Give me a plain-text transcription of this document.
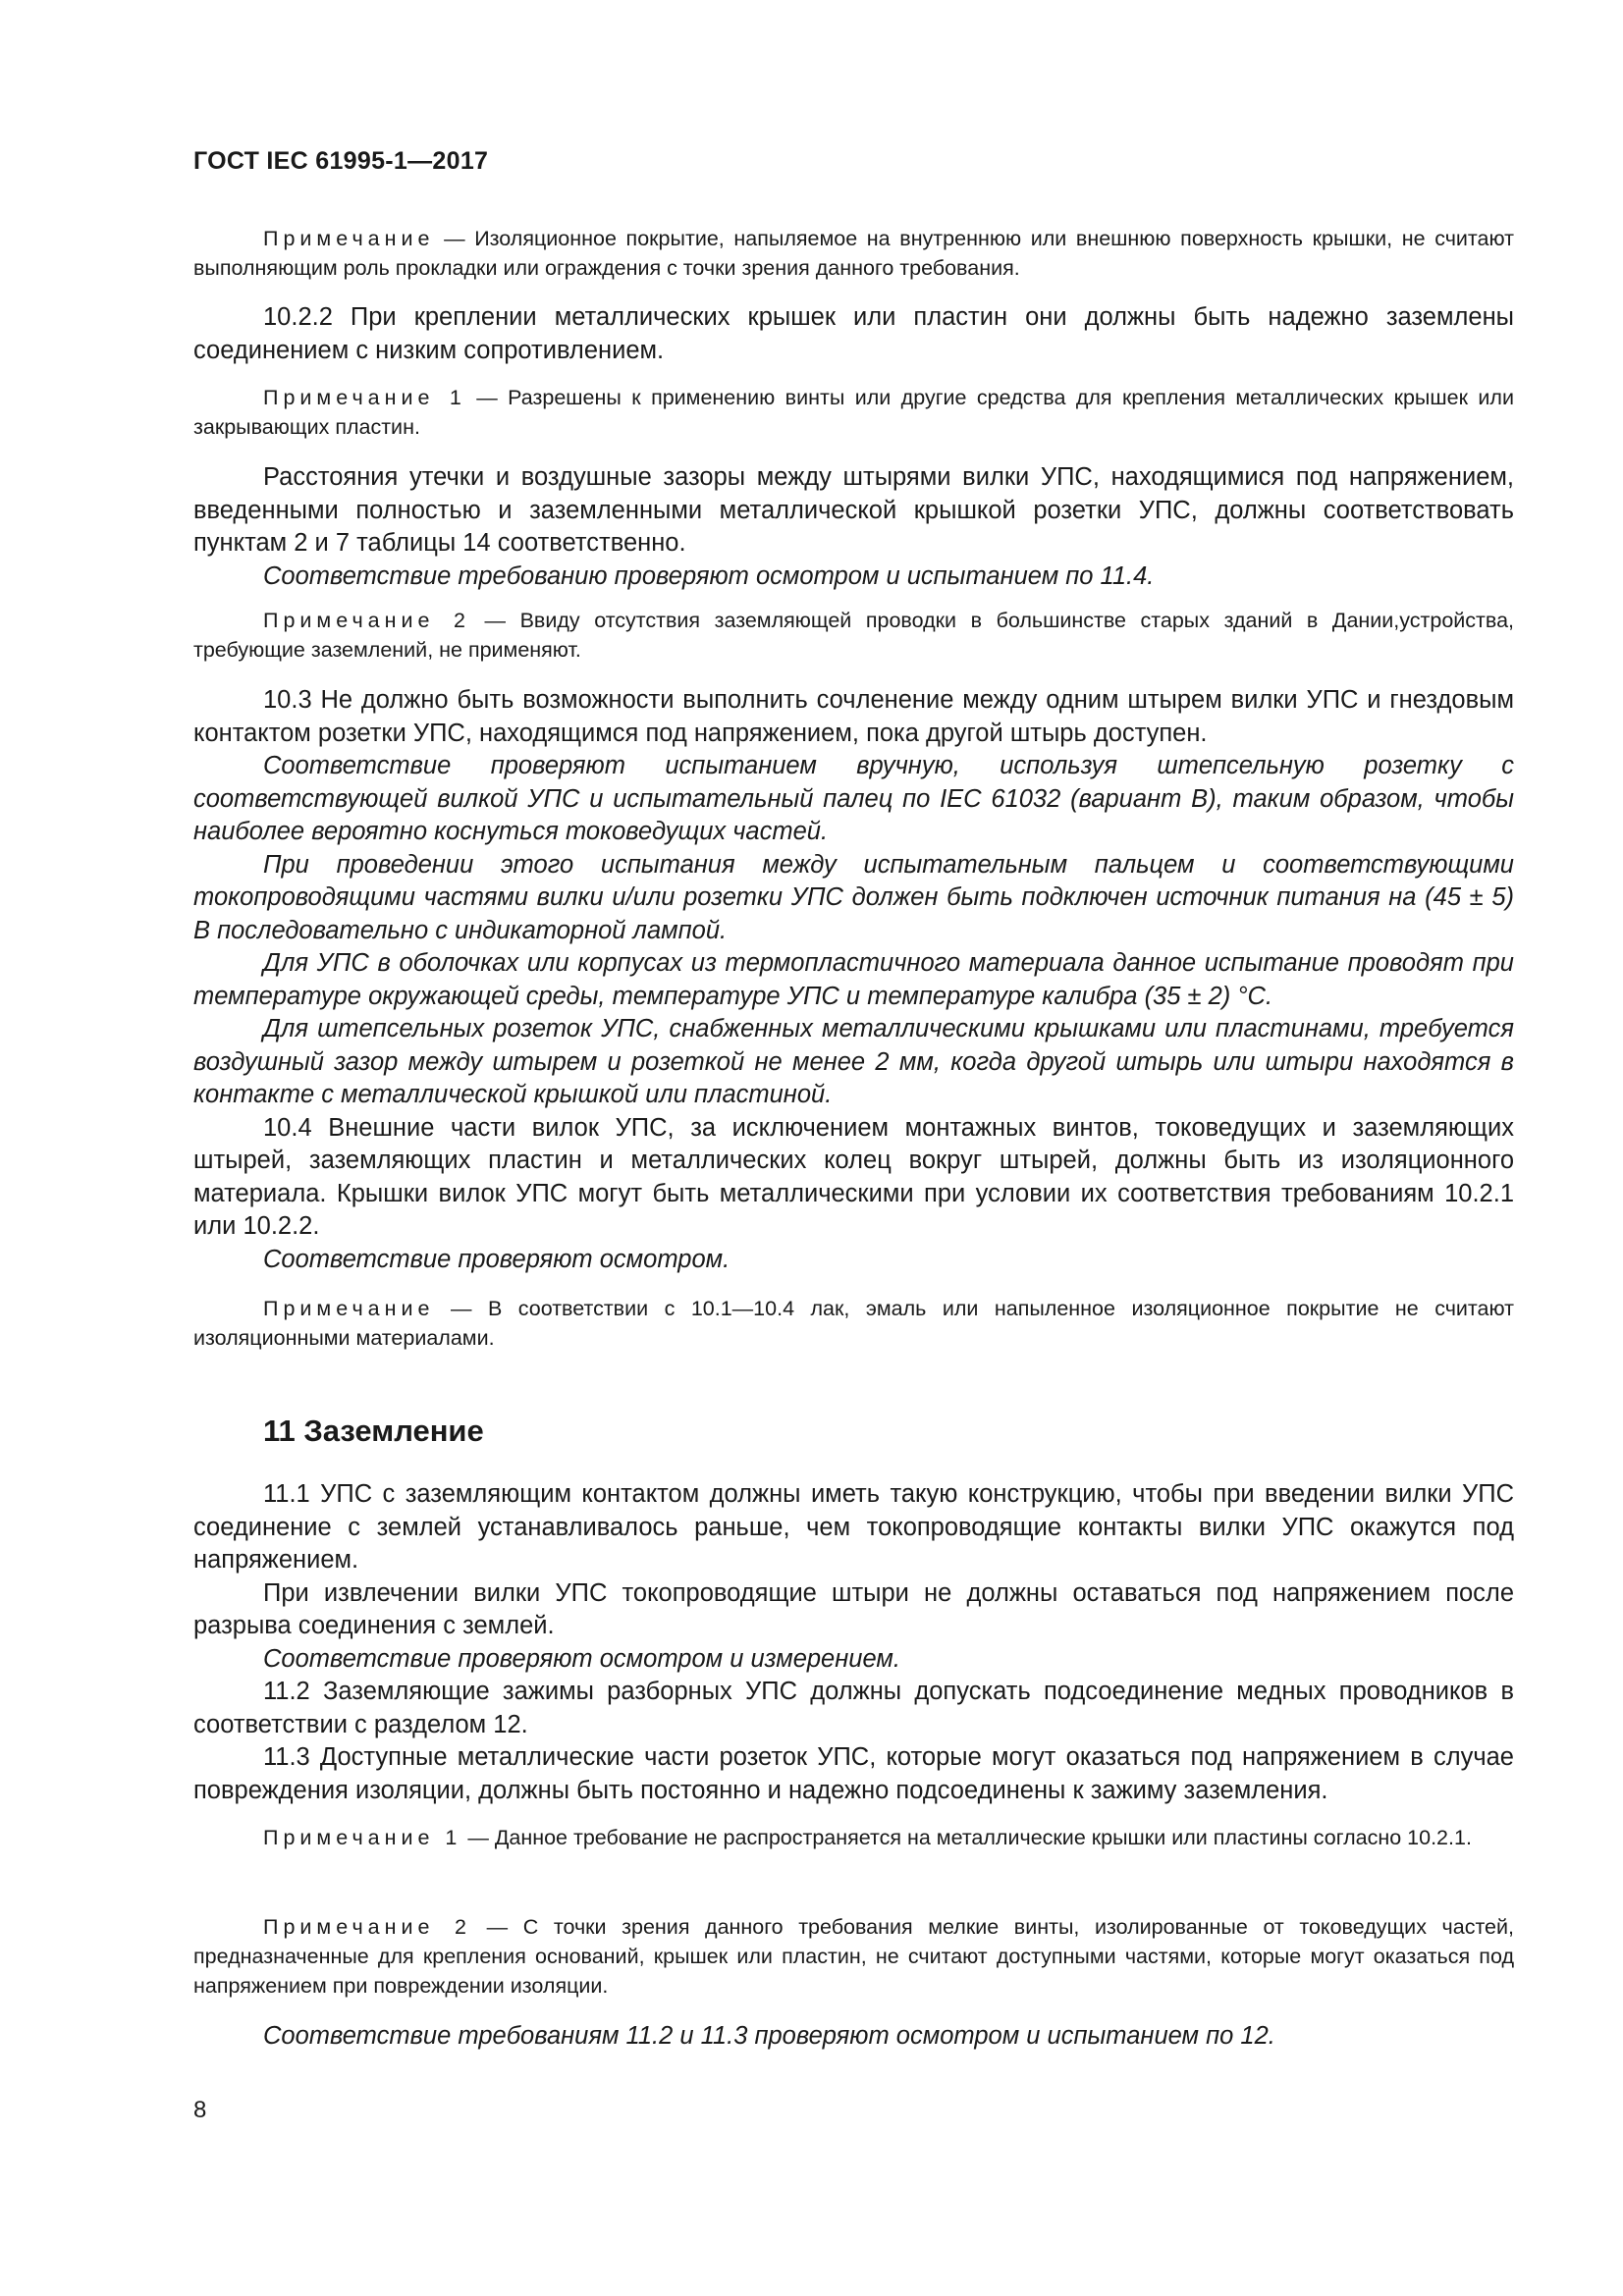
ГОСТ IEC 61995-1—2017

Примечание — Изоляционное покрытие, напыляемое на внутреннюю или внешнюю поверхность крышки, не считают выполняющим роль прокладки или ограждения с точки зрения данного требования.

10.2.2 При креплении металлических крышек или пластин они должны быть надежно заземлены соединением с низким сопротивлением.

Примечание 1 — Разрешены к применению винты или другие средства для крепления металлических крышек или закрывающих пластин.

Расстояния утечки и воздушные зазоры между штырями вилки УПС, находящимися под напряжением, введенными полностью и заземленными металлической крышкой розетки УПС, должны соответствовать пунктам 2 и 7 таблицы 14 соответственно.

Соответствие требованию проверяют осмотром и испытанием по 11.4.

Примечание 2 — Ввиду отсутствия заземляющей проводки в большинстве старых зданий в Дании,устройства, требующие заземлений, не применяют.

10.3 Не должно быть возможности выполнить сочленение между одним штырем вилки УПС и гнездовым контактом розетки УПС, находящимся под напряжением, пока другой штырь доступен.

Соответствие проверяют испытанием вручную, используя штепсельную розетку с соответствующей вилкой УПС и испытательный палец по IEC 61032 (вариант В), таким образом, чтобы наиболее вероятно коснуться токоведущих частей.

При проведении этого испытания между испытательным пальцем и соответствующими токопроводящими частями вилки и/или розетки УПС должен быть подключен источник питания на (45 ± 5) В последовательно с индикаторной лампой.

Для УПС в оболочках или корпусах из термопластичного материала данное испытание проводят при температуре окружающей среды, температуре УПС и температуре калибра (35 ± 2) °С.

Для штепсельных розеток УПС, снабженных металлическими крышками или пластинами, требуется воздушный зазор между штырем и розеткой не менее 2 мм, когда другой штырь или штыри находятся в контакте с металлической крышкой или пластиной.

10.4 Внешние части вилок УПС, за исключением монтажных винтов, токоведущих и заземляющих штырей, заземляющих пластин и металлических колец вокруг штырей, должны быть из изоляционного материала. Крышки вилок УПС могут быть металлическими при условии их соответствия требованиям 10.2.1 или 10.2.2.

Соответствие проверяют осмотром.

Примечание — В соответствии с 10.1—10.4 лак, эмаль или напыленное изоляционное покрытие не считают изоляционными материалами.

11 Заземление

11.1 УПС с заземляющим контактом должны иметь такую конструкцию, чтобы при введении вилки УПС соединение с землей устанавливалось раньше, чем токопроводящие контакты вилки УПС окажутся под напряжением.

При извлечении вилки УПС токопроводящие штыри не должны оставаться под напряжением после разрыва соединения с землей.

Соответствие проверяют осмотром и измерением.

11.2 Заземляющие зажимы разборных УПС должны допускать подсоединение медных проводников в соответствии с разделом 12.

11.3 Доступные металлические части розеток УПС, которые могут оказаться под напряжением в случае повреждения изоляции, должны быть постоянно и надежно подсоединены к зажиму заземления.

Примечание 1 — Данное требование не распространяется на металлические крышки или пластины согласно 10.2.1.

Примечание 2 — С точки зрения данного требования мелкие винты, изолированные от токоведущих частей, предназначенные для крепления оснований, крышек или пластин, не считают доступными частями, которые могут оказаться под напряжением при повреждении изоляции.

Соответствие требованиям 11.2 и 11.3 проверяют осмотром и испытанием по 12.

8
